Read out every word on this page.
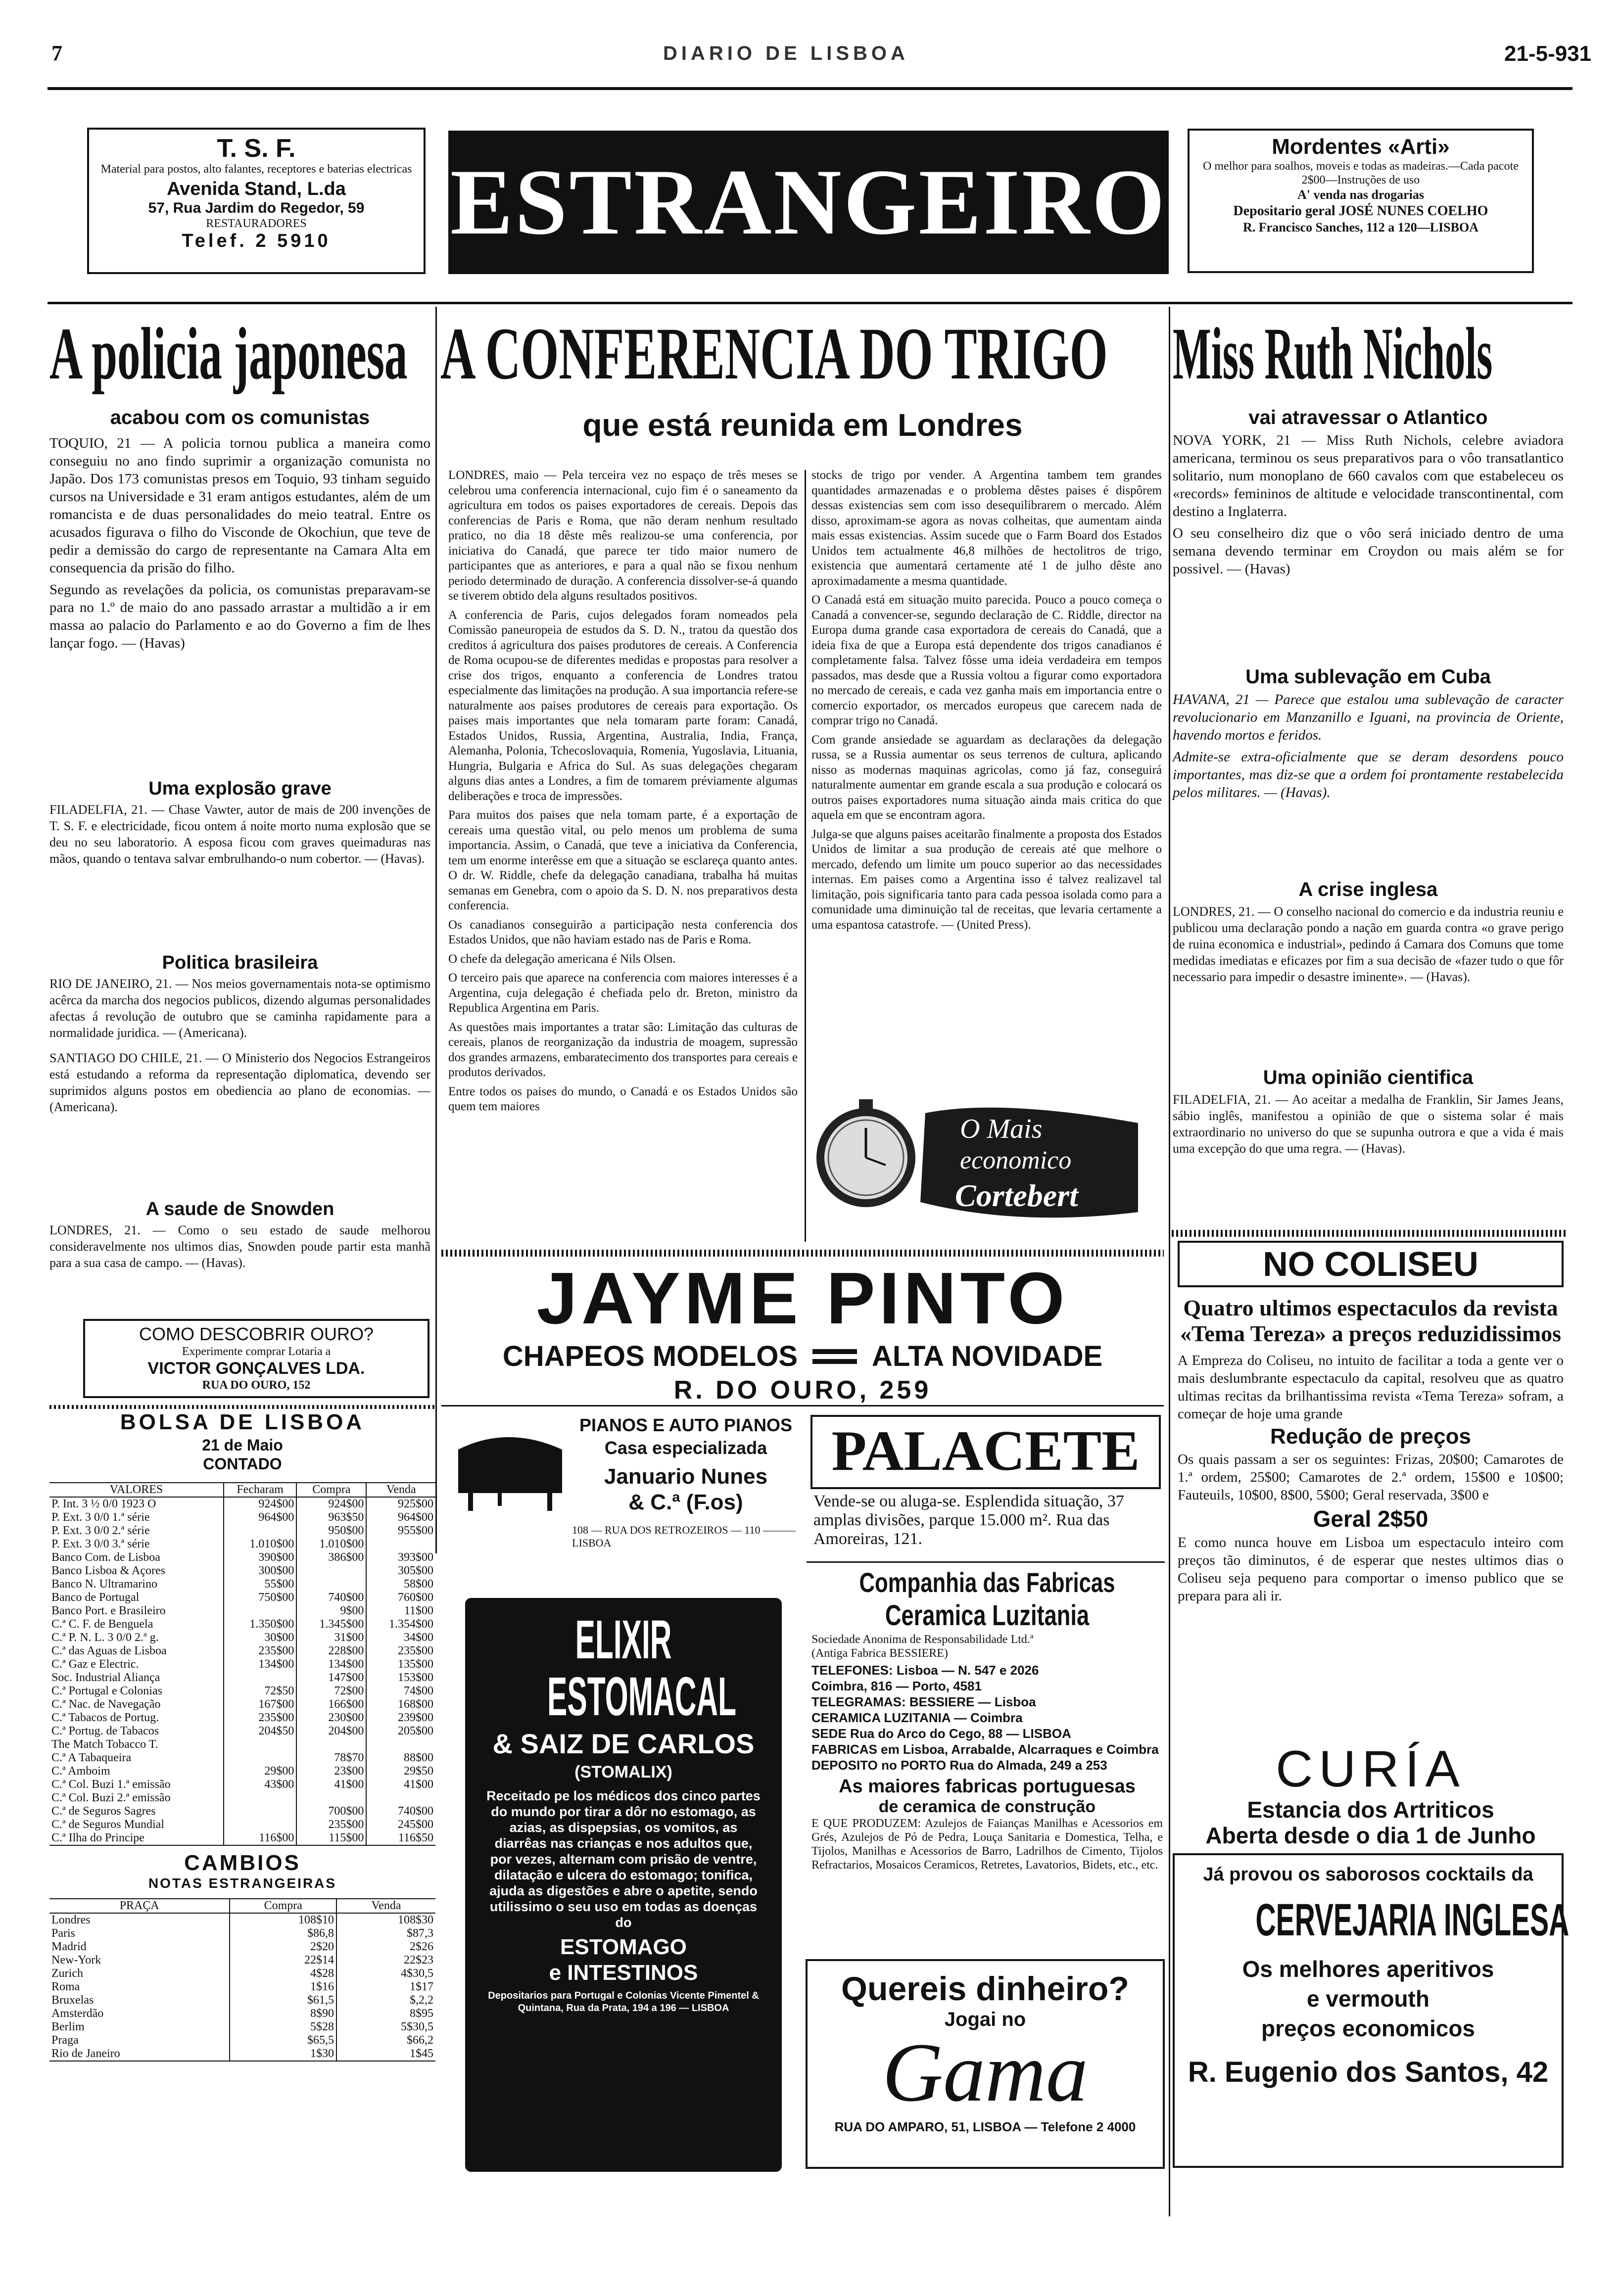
7	DIARIO DE LISBOA	21-5-931
T. S. F.
Material para postos, alto falantes, receptores e baterias electricas
Avenida Stand, L.da
57, Rua Jardim do Regedor, 59
RESTAURADORES
Telef. 2 5910	ESTRANGEIRO
Mordentes «Arti»
O melhor para soalhos, moveis e todas as madeiras.—Cada pacote 2$00—Instruções de uso
A' venda nas drogarias
Depositario geral JOSÉ NUNES COELHO
R. Francisco Sanches, 112 a 120—LISBOA
A policia japonesa
acabou com os comunistas

TOQUIO, 21 — A policia tornou publica a maneira como conseguiu no ano findo suprimir a organização comunista no Japão. Dos 173 comunistas presos em Toquio, 93 tinham seguido cursos na Universidade e 31 eram antigos estudantes, além de um romancista e de duas personalidades do meio teatral. Entre os acusados figurava o filho do Visconde de Okochiun, que teve de pedir a demissão do cargo de representante na Camara Alta em consequencia da prisão do filho.

Segundo as revelações da policia, os comunistas preparavam-se para no 1.º de maio do ano passado arrastar a multidão a ir em massa ao palacio do Parlamento e ao do Governo a fim de lhes lançar fogo. — (Havas)

Uma explosão grave
FILADELFIA, 21. — Chase Vawter, autor de mais de 200 invenções de T. S. F. e electricidade, ficou ontem á noite morto numa explosão que se deu no seu laboratorio. A esposa ficou com graves queimaduras nas mãos, quando o tentava salvar embrulhando-o num cobertor. — (Havas).
Politica brasileira
RIO DE JANEIRO, 21. — Nos meios governamentais nota-se optimismo acêrca da marcha dos negocios publicos, dizendo algumas personalidades afectas á revolução de outubro que se caminha rapidamente para a normalidade juridica. — (Americana).
SANTIAGO DO CHILE, 21. — O Ministerio dos Negocios Estrangeiros está estudando a reforma da representação diplomatica, devendo ser suprimidos alguns postos em obediencia ao plano de economias. — (Americana).
A saude de Snowden
LONDRES, 21. — Como o seu estado de saude melhorou consideravelmente nos ultimos dias, Snowden poude partir esta manhã para a sua casa de campo. — (Havas).
COMO DESCOBRIR OURO?
Experimente comprar Lotaria a
VICTOR GONÇALVES LDA.
RUA DO OURO, 152
BOLSA DE LISBOA
21 de Maio
CONTADO
VALORES	Fecharam	Compra	Venda
P. Int. 3 ½ 0/0 1923 O	924$00	924$00	925$00
P. Ext. 3 0/0 1.ª série	964$00	963$50	964$00
P. Ext. 3 0/0 2.ª série		950$00	955$00
P. Ext. 3 0/0 3.ª série	1.010$00	1.010$00	
Banco Com. de Lisboa	390$00	386$00	393$00
Banco Lisboa & Açores	300$00		305$00
Banco N. Ultramarino	55$00		58$00
Banco de Portugal	750$00	740$00	760$00
Banco Port. e Brasileiro		9$00	11$00
C.ª C. F. de Benguela	1.350$00	1.345$00	1.354$00
C.ª P. N. L. 3 0/0 2.ª g.	30$00	31$00	34$00
C.ª das Aguas de Lisboa	235$00	228$00	235$00
C.ª Gaz e Electric.	134$00	134$00	135$00
Soc. Industrial Aliança		147$00	153$00
C.ª Portugal e Colonias	72$50	72$00	74$00
C.ª Nac. de Navegação	167$00	166$00	168$00
C.ª Tabacos de Portug.	235$00	230$00	239$00
C.ª Portug. de Tabacos	204$50	204$00	205$00
The Match Tobacco T.			
C.ª A Tabaqueira		78$70	88$00
C.ª Amboim	29$00	23$00	29$50
C.ª Col. Buzi 1.ª emissão	43$00	41$00	41$00
C.ª Col. Buzi 2.ª emissão			
C.ª de Seguros Sagres		700$00	740$00
C.ª de Seguros Mundial		235$00	245$00
C.ª Ilha do Principe	116$00	115$00	116$50
CAMBIOS
NOTAS ESTRANGEIRAS
PRAÇA	Compra	Venda
Londres	108$10	108$30
Paris	$86,8	$87,3
Madrid	2$20	2$26
New-York	22$14	22$23
Zurich	4$28	4$30,5
Roma	1$16	1$17
Bruxelas	$61,5	$,2,2
Amsterdão	8$90	8$95
Berlim	5$28	5$30,5
Praga	$65,5	$66,2
Rio de Janeiro	1$30	1$45
A CONFERENCIA DO TRIGO
que está reunida em Londres

LONDRES, maio — Pela terceira vez no espaço de três meses se celebrou uma conferencia internacional, cujo fim é o saneamento da agricultura em todos os paises exportadores de cereais. Depois das conferencias de Paris e Roma, que não deram nenhum resultado pratico, no dia 18 dêste mês realizou-se uma conferencia, por iniciativa do Canadá, que parece ter tido maior numero de participantes que as anteriores, e para a qual não se fixou nenhum periodo determinado de duração. A conferencia dissolver-se-á quando se tiverem obtido dela alguns resultados positivos.

A conferencia de Paris, cujos delegados foram nomeados pela Comissão paneuropeia de estudos da S. D. N., tratou da questão dos creditos á agricultura dos paises produtores de cereais. A Conferencia de Roma ocupou-se de diferentes medidas e propostas para resolver a crise dos trigos, enquanto a conferencia de Londres tratou especialmente das limitações na produção. A sua importancia refere-se naturalmente aos paises produtores de cereais para exportação. Os paises mais importantes que nela tomaram parte foram: Canadá, Estados Unidos, Russia, Argentina, Australia, India, França, Alemanha, Polonia, Tchecoslovaquia, Romenia, Yugoslavia, Lituania, Hungria, Bulgaria e Africa do Sul. As suas delegações chegaram alguns dias antes a Londres, a fim de tomarem préviamente algumas deliberações e troca de impressões.

Para muitos dos paises que nela tomam parte, é a exportação de cereais uma questão vital, ou pelo menos um problema de suma importancia. Assim, o Canadá, que teve a iniciativa da Conferencia, tem um enorme interêsse em que a situação se esclareça quanto antes. O dr. W. Riddle, chefe da delegação canadiana, trabalha há muitas semanas em Genebra, com o apoio da S. D. N. nos preparativos desta conferencia.

Os canadianos conseguirão a participação nesta conferencia dos Estados Unidos, que não haviam estado nas de Paris e Roma.

O chefe da delegação americana é Nils Olsen.

O terceiro pais que aparece na conferencia com maiores interesses é a Argentina, cuja delegação é chefiada pelo dr. Breton, ministro da Republica Argentina em Paris.

As questões mais importantes a tratar são: Limitação das culturas de cereais, planos de reorganização da industria de moagem, supressão dos grandes armazens, embaratecimento dos transportes para cereais e produtos derivados.

Entre todos os paises do mundo, o Canadá e os Estados Unidos são quem tem maiores

stocks de trigo por vender. A Argentina tambem tem grandes quantidades armazenadas e o problema dêstes paises é dispôrem dessas existencias sem com isso desequilibrarem o mercado. Além disso, aproximam-se agora as novas colheitas, que aumentam ainda mais essas existencias. Assim sucede que o Farm Board dos Estados Unidos tem actualmente 46,8 milhões de hectolitros de trigo, existencia que aumentará certamente até 1 de julho dêste ano aproximadamente a mesma quantidade.

O Canadá está em situação muito parecida. Pouco a pouco começa o Canadá a convencer-se, segundo declaração de C. Riddle, director na Europa duma grande casa exportadora de cereais do Canadá, que a ideia fixa de que a Europa está dependente dos trigos canadianos é completamente falsa. Talvez fôsse uma ideia verdadeira em tempos passados, mas desde que a Russia voltou a figurar como exportadora no mercado de cereais, e cada vez ganha mais em importancia entre o comercio exportador, os mercados europeus que carecem nada de comprar trigo no Canadá.

Com grande ansiedade se aguardam as declarações da delegação russa, se a Russia aumentar os seus terrenos de cultura, aplicando nisso as modernas maquinas agricolas, como já faz, conseguirá naturalmente aumentar em grande escala a sua produção e colocará os outros paises exportadores numa situação ainda mais critica do que aquela em que se encontram agora.

Julga-se que alguns paises aceitarão finalmente a proposta dos Estados Unidos de limitar a sua produção de cereais até que melhore o mercado, defendo um limite um pouco superior ao das necessidades internas. Em paises como a Argentina isso é talvez realizavel tal limitação, pois significaria tanto para cada pessoa isolada como para a comunidade uma diminuição tal de receitas, que levaria certamente a uma espantosa catastrofe. — (United Press).

O Mais
economico
Cortebert
JAYME PINTO
CHAPEOS MODELOS	ALTA NOVIDADE
R. DO OURO, 259
PIANOS E AUTO PIANOS
Casa especializada
Januario Nunes
& C.ª (F.os)
108 — RUA DOS RETROZEIROS — 110 ——— LISBOA
ELIXIR
ESTOMACAL
& SAIZ DE CARLOS
(STOMALIX)
Receitado pe los médicos dos cinco partes do mundo por tirar a dôr no estomago, as azias, as dispepsias, os vomitos, as diarrêas nas crianças e nos adultos que, por vezes, alternam com prisão de ventre, dilatação e ulcera do estomago; tonifica, ajuda as digestões e abre o apetite, sendo utilissimo o seu uso em todas as doenças do
ESTOMAGO
e INTESTINOS
Depositarios para Portugal e Colonias Vicente Pimentel & Quintana, Rua da Prata, 194 a 196 — LISBOA
PALACETE
Vende-se ou aluga-se. Esplendida situação, 37 amplas divisões, parque 15.000 m². Rua das Amoreiras, 121.
Companhia das Fabricas
Ceramica Luzitania
Sociedade Anonima de Responsabilidade Ltd.ª
(Antiga Fabrica BESSIERE)
TELEFONES: Lisboa — N. 547 e 2026
Coimbra, 816 — Porto, 4581
TELEGRAMAS: BESSIERE — Lisboa
CERAMICA LUZITANIA — Coimbra
SEDE Rua do Arco do Cego, 88 — LISBOA
FABRICAS em Lisboa, Arrabalde, Alcarraques e Coimbra
DEPOSITO no PORTO Rua do Almada, 249 a 253
As maiores fabricas portuguesas
de ceramica de construção
E QUE PRODUZEM: Azulejos de Faianças Manilhas e Acessorios em Grés, Azulejos de Pó de Pedra, Louça Sanitaria e Domestica, Telha, e Tijolos, Manilhas e Acessorios de Barro, Ladrilhos de Cimento, Tijolos Refractarios, Mosaicos Ceramicos, Retretes, Lavatorios, Bidets, etc., etc.
Quereis dinheiro?
Jogai no
Gama
RUA DO AMPARO, 51, LISBOA — Telefone 2 4000
Miss Ruth Nichols
vai atravessar o Atlantico

NOVA YORK, 21 — Miss Ruth Nichols, celebre aviadora americana, terminou os seus preparativos para o vôo transatlantico solitario, num monoplano de 660 cavalos com que estabeleceu os «records» femininos de altitude e velocidade transcontinental, com destino a Inglaterra.

O seu conselheiro diz que o vôo será iniciado dentro de uma semana devendo terminar em Croydon ou mais além se for possivel. — (Havas)

Uma sublevação em Cuba

HAVANA, 21 — Parece que estalou uma sublevação de caracter revolucionario em Manzanillo e Iguani, na provincia de Oriente, havendo mortos e feridos.

Admite-se extra-oficialmente que se deram desordens pouco importantes, mas diz-se que a ordem foi prontamente restabelecida pelos militares. — (Havas).

A crise inglesa
LONDRES, 21. — O conselho nacional do comercio e da industria reuniu e publicou uma declaração pondo a nação em guarda contra «o grave perigo de ruina economica e industrial», pedindo á Camara dos Comuns que tome medidas imediatas e eficazes por fim a sua decisão de «fazer tudo o que fôr necessario para impedir o desastre iminente». — (Havas).
Uma opinião cientifica
FILADELFIA, 21. — Ao aceitar a medalha de Franklin, Sir James Jeans, sábio inglês, manifestou a opinião de que o sistema solar é mais extraordinario no universo do que se supunha outrora e que a vida é mais uma excepção do que uma regra. — (Havas).
NO COLISEU
Quatro ultimos espectaculos da revista «Tema Tereza» a preços reduzidissimos
A Empreza do Coliseu, no intuito de facilitar a toda a gente ver o mais deslumbrante espectaculo da capital, resolveu que as quatro ultimas recitas da brilhantissima revista «Tema Tereza» sofram, a começar de hoje uma grande
Redução de preços
Os quais passam a ser os seguintes: Frizas, 20$00; Camarotes de 1.ª ordem, 25$00; Camarotes de 2.ª ordem, 15$00 e 10$00; Fauteuils, 10$00, 8$00, 5$00; Geral reservada, 3$00 e
Geral 2$50
E como nunca houve em Lisboa um espectaculo inteiro com preços tão diminutos, é de esperar que nestes ultimos dias o Coliseu seja pequeno para comportar o imenso publico que se prepara para ali ir.
CURÍA
Estancia dos Artriticos
Aberta desde o dia 1 de Junho
Já provou os saborosos cocktails da
CERVEJARIA INGLESA
Os melhores aperitivos
e vermouth
preços economicos
R. Eugenio dos Santos, 42
